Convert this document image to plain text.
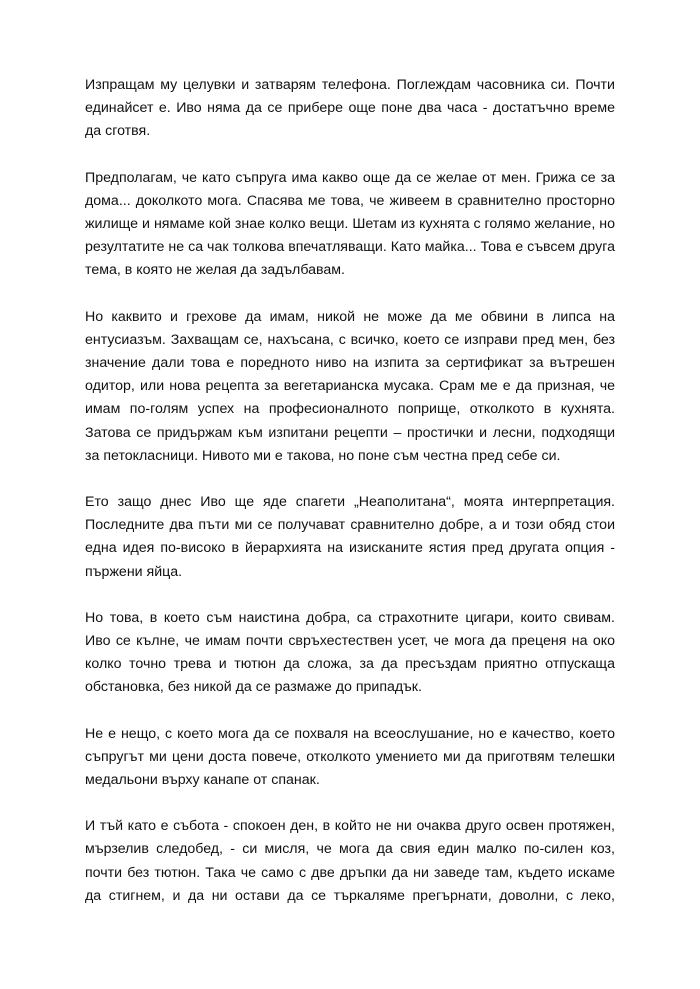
Изпращам му целувки и затварям телефона. Поглеждам часовника си. Почти единайсет е. Иво няма да се прибере още поне два часа - достатъчно време да сготвя.

Предполагам, че като съпруга има какво още да се желае от мен. Грижа се за дома... доколкото мога. Спасява ме това, че живеем в сравнително просторно жилище и нямаме кой знае колко вещи. Шетам из кухнята с голямо желание, но резултатите не са чак толкова впечатляващи. Като майка... Това е съвсем друга тема, в която не желая да задълбавам.

Но каквито и грехове да имам, никой не може да ме обвини в липса на ентусиазъм. Захващам се, нахъсана, с всичко, което се изправи пред мен, без значение дали това е поредното ниво на изпита за сертификат за вътрешен одитор, или нова рецепта за вегетарианска мусака. Срам ме е да призная, че имам по-голям успех на професионалното поприще, отколкото в кухнята. Затова се придържам към изпитани рецепти – простички и лесни, подходящи за петокласници. Нивото ми е такова, но поне съм честна пред себе си.

Ето защо днес Иво ще яде спагети „Неаполитана“, моята интерпретация. Последните два пъти ми се получават сравнително добре, а и този обяд стои една идея по-високо в йерархията на изисканите ястия пред другата опция - пържени яйца.

Но това, в което съм наистина добра, са страхотните цигари, които свивам. Иво се кълне, че имам почти свръхестествен усет, че мога да преценя на око колко точно трева и тютюн да сложа, за да пресъздам приятно отпускаща обстановка, без никой да се размаже до припадък.

Не е нещо, с което мога да се похваля на всеослушание, но е качество, което съпругът ми цени доста повече, отколкото умението ми да приготвям телешки медальони върху канапе от спанак.

И тъй като е събота - спокоен ден, в който не ни очаква друго освен протяжен, мързелив следобед, - си мисля, че мога да свия един малко по-силен коз, почти без тютюн. Така че само с две дръпки да ни заведе там, където искаме да стигнем, и да ни остави да се търкаляме прегърнати, доволни, с леко,
